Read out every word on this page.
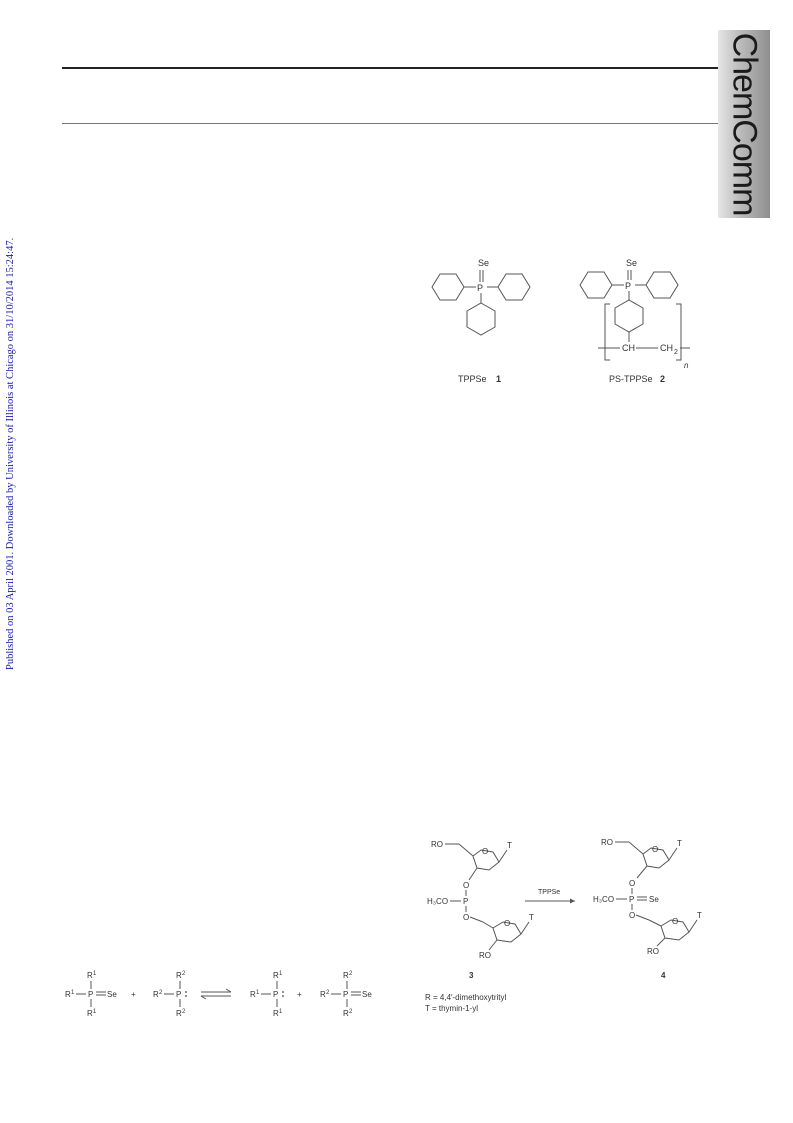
ChemComm
Published on 03 April 2001. Downloaded by University of Illinois at Chicago on 31/10/2014 15:24:47.	Se
P
TPPSe 1
Se
P
CH	CH 2
n
PS-TPPSe 2
R 1
R 1 P Se
R 1
+
R 2
R 2 P
R 2
R 1
R 1 P
R 1
+
R 2
R 2 P Se
R 2
RO
O
T
O
P
H₃CO
O
O
T
RO
TPPSe
RO
O
T
O
P
H₃CO	Se
O
O
T
RO
3	4
R = 4,4′-dimethoxytrityl
T = thymin-1-yl
